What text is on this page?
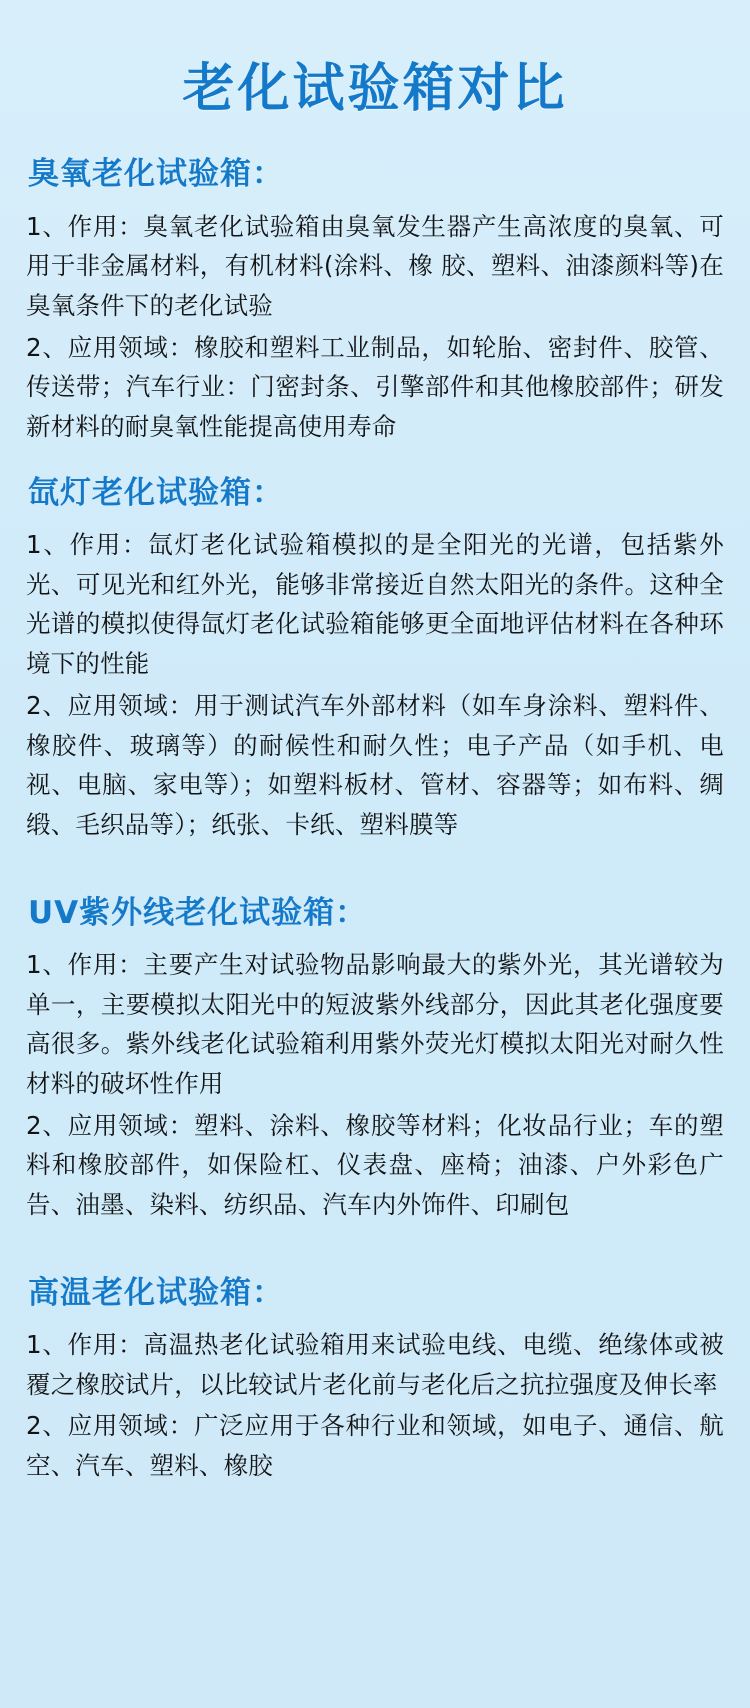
老化试验箱对比
臭氧老化试验箱：

1、作用：臭氧老化试验箱由臭氧发生器产生高浓度的臭氧、可用于非金属材料，有机材料(涂料、橡 胶、塑料、油漆颜料等)在臭氧条件下的老化试验

2、应用领域：橡胶和塑料工业制品，如轮胎、密封件、胶管、传送带；汽车行业：门密封条、引擎部件和其他橡胶部件；研发新材料的耐臭氧性能提高使用寿命

氙灯老化试验箱：

1、作用：氙灯老化试验箱模拟的是全阳光的光谱，包括紫外光、可见光和红外光，能够非常接近自然太阳光的条件。这种全光谱的模拟使得氙灯老化试验箱能够更全面地评估材料在各种环境下的性能

2、应用领域：用于测试汽车外部材料（如车身涂料、塑料件、橡胶件、玻璃等）的耐候性和耐久性；电子产品（如手机、电视、电脑、家电等）；如塑料板材、管材、容器等；如布料、绸缎、毛织品等）；纸张、卡纸、塑料膜等

UV紫外线老化试验箱：

1、作用：主要产生对试验物品影响最大的紫外光，其光谱较为单一，主要模拟太阳光中的短波紫外线部分，因此其老化强度要高很多。紫外线老化试验箱利用紫外荧光灯模拟太阳光对耐久性材料的破坏性作用

2、应用领域：塑料、涂料、橡胶等材料；化妆品行业；车的塑料和橡胶部件，如保险杠、仪表盘、座椅；油漆、户外彩色广告、油墨、染料、纺织品、汽车内外饰件、印刷包

高温老化试验箱：

1、作用：高温热老化试验箱用来试验电线、电缆、绝缘体或被覆之橡胶试片，以比较试片老化前与老化后之抗拉强度及伸长率

2、应用领域：广泛应用于各种行业和领域，如电子、通信、航空、汽车、塑料、橡胶
